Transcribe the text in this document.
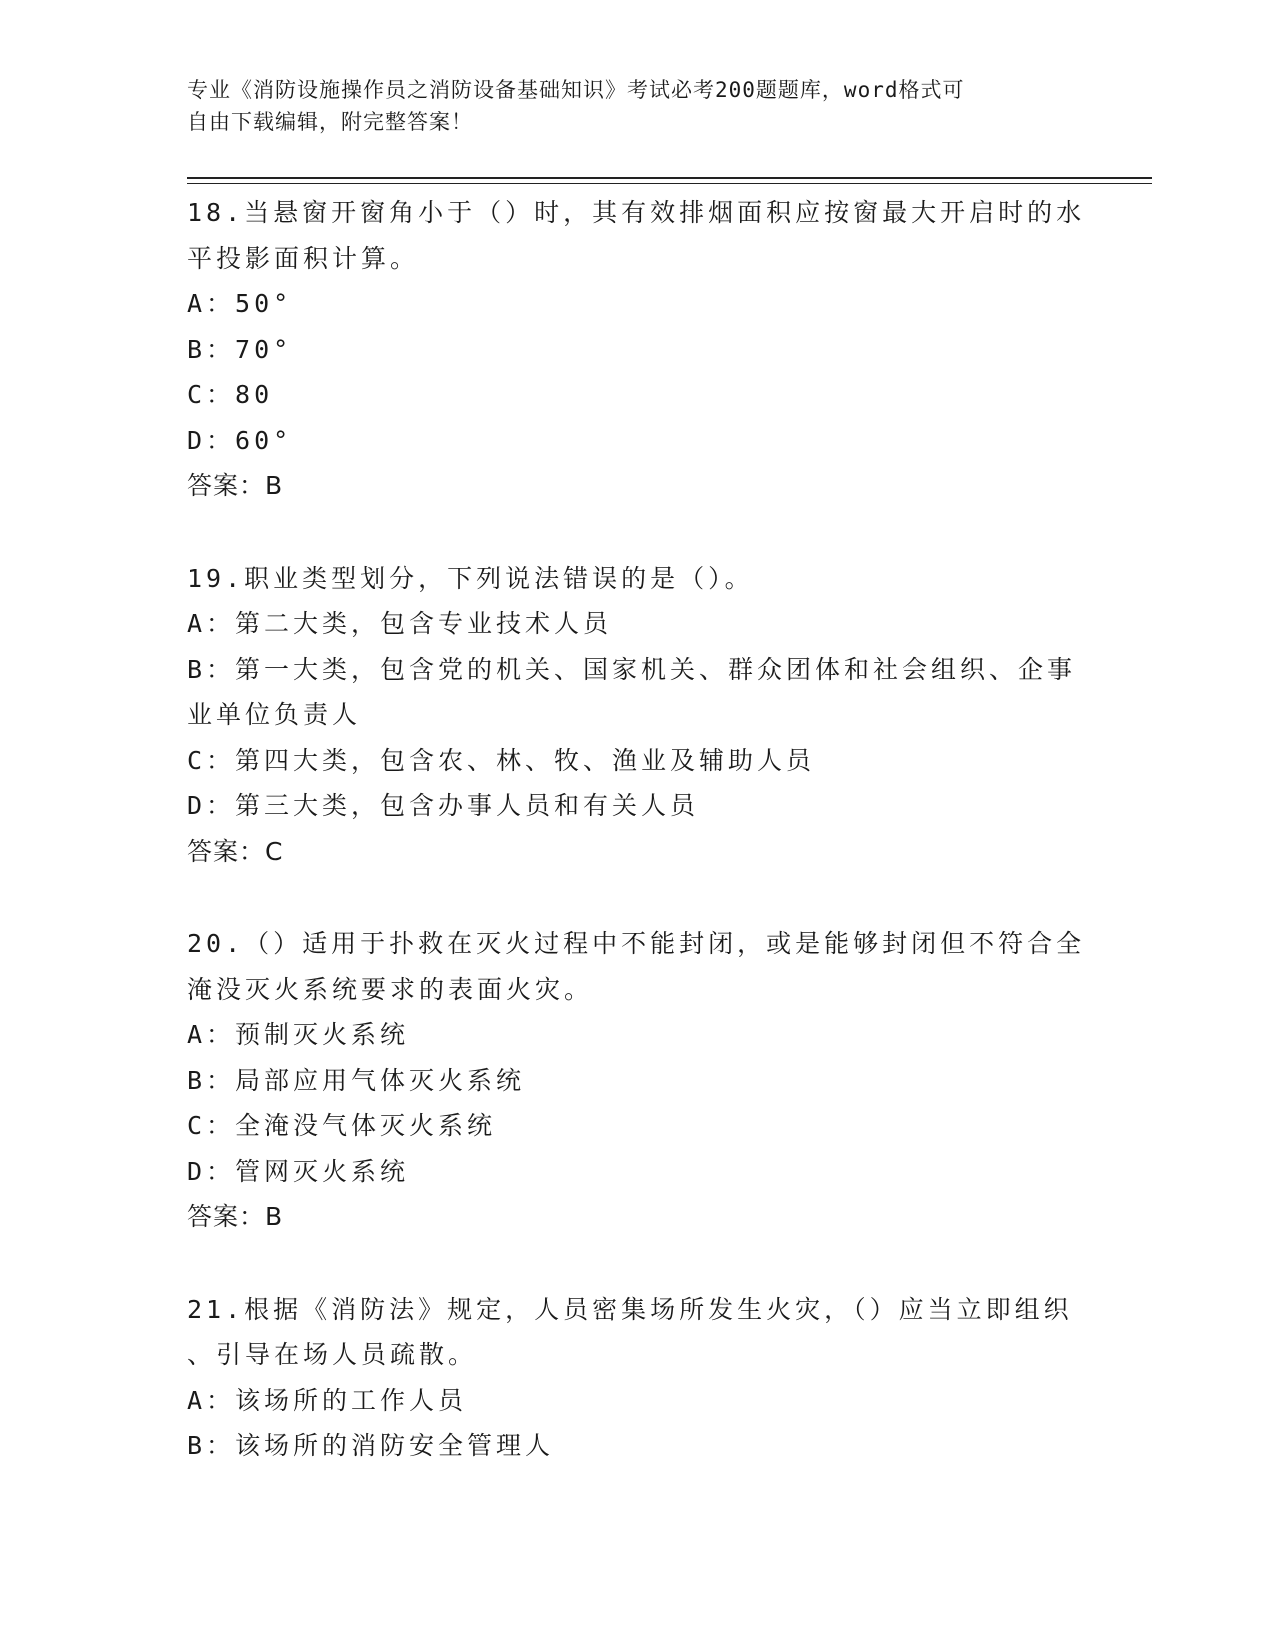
专业《消防设施操作员之消防设备基础知识》考试必考200题题库，word格式可
自由下载编辑，附完整答案！
18.当悬窗开窗角小于（）时，其有效排烟面积应按窗最大开启时的水
平投影面积计算。
A：50°
B：70°
C：80
D：60°
答案：B
19.职业类型划分，下列说法错误的是（）。
A：第二大类，包含专业技术人员
B：第一大类，包含党的机关、国家机关、群众团体和社会组织、企事
业单位负责人
C：第四大类，包含农、林、牧、渔业及辅助人员
D：第三大类，包含办事人员和有关人员
答案：C
20.（）适用于扑救在灭火过程中不能封闭，或是能够封闭但不符合全
淹没灭火系统要求的表面火灾。
A：预制灭火系统
B：局部应用气体灭火系统
C：全淹没气体灭火系统
D：管网灭火系统
答案：B
21.根据《消防法》规定，人员密集场所发生火灾，（）应当立即组织
、引导在场人员疏散。
A：该场所的工作人员
B：该场所的消防安全管理人
